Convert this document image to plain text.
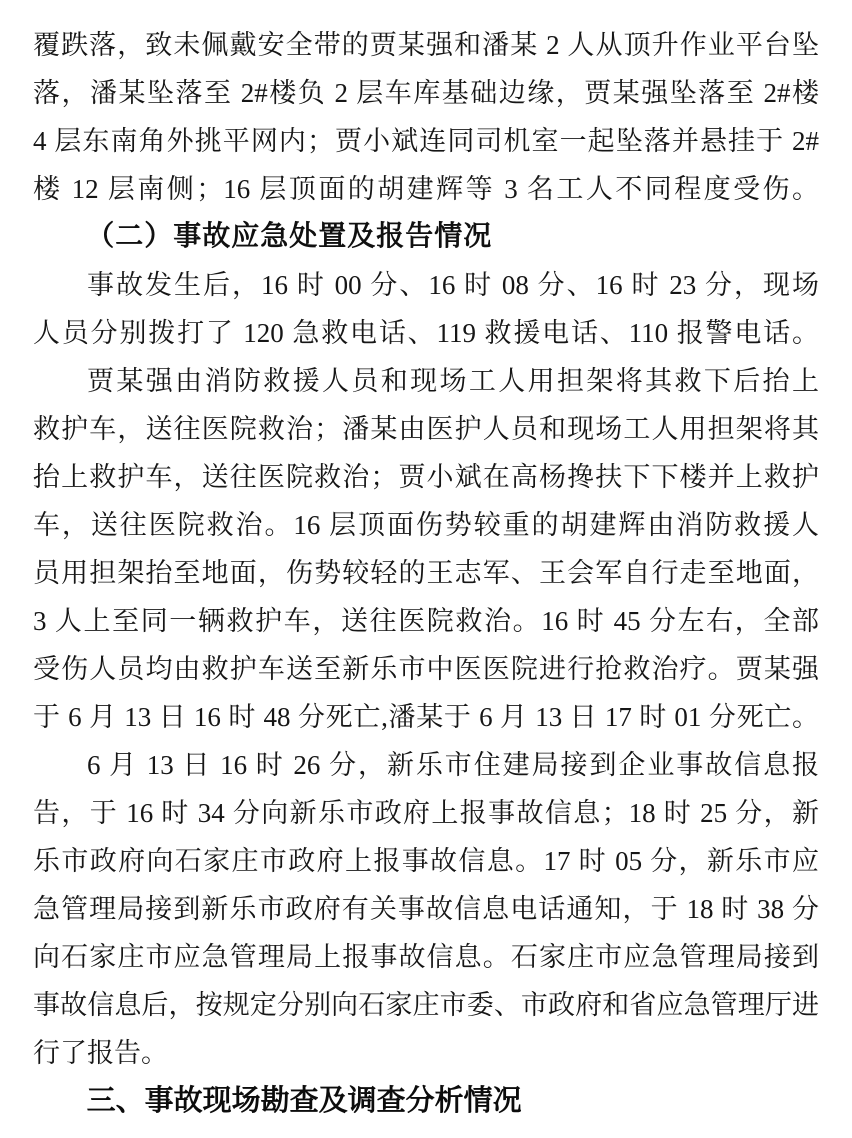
覆跌落，致未佩戴安全带的贾某强和潘某 2 人从顶升作业平台坠
落，潘某坠落至 2#楼负 2 层车库基础边缘，贾某强坠落至 2#楼
4 层东南角外挑平网内；贾小斌连同司机室一起坠落并悬挂于 2#
楼 12 层南侧；16 层顶面的胡建辉等 3 名工人不同程度受伤。
（二）事故应急处置及报告情况
事故发生后，16 时 00 分、16 时 08 分、16 时 23 分，现场
人员分别拨打了 120 急救电话、119 救援电话、110 报警电话。
贾某强由消防救援人员和现场工人用担架将其救下后抬上
救护车，送往医院救治；潘某由医护人员和现场工人用担架将其
抬上救护车，送往医院救治；贾小斌在高杨搀扶下下楼并上救护
车，送往医院救治。16 层顶面伤势较重的胡建辉由消防救援人
员用担架抬至地面，伤势较轻的王志军、王会军自行走至地面，
3 人上至同一辆救护车，送往医院救治。16 时 45 分左右，全部
受伤人员均由救护车送至新乐市中医医院进行抢救治疗。贾某强
于 6 月 13 日 16 时 48 分死亡,潘某于 6 月 13 日 17 时 01 分死亡。
6 月 13 日 16 时 26 分，新乐市住建局接到企业事故信息报
告，于 16 时 34 分向新乐市政府上报事故信息；18 时 25 分，新
乐市政府向石家庄市政府上报事故信息。17 时 05 分，新乐市应
急管理局接到新乐市政府有关事故信息电话通知，于 18 时 38 分
向石家庄市应急管理局上报事故信息。石家庄市应急管理局接到
事故信息后，按规定分别向石家庄市委、市政府和省应急管理厅进
行了报告。
三、事故现场勘查及调查分析情况
